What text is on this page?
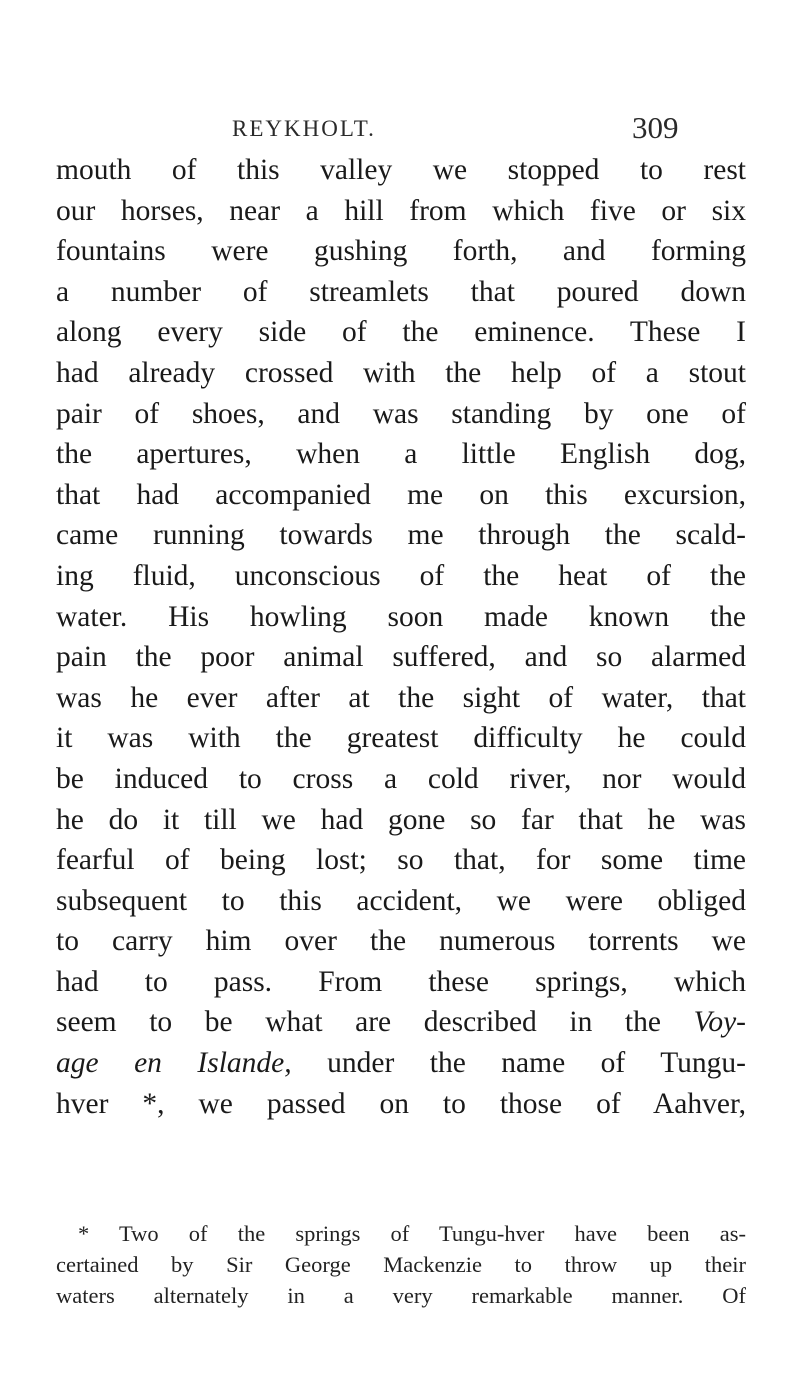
REYKHOLT.	309
mouth of this valley we stopped to rest
our horses, near a hill from which five or six
fountains were gushing forth, and forming
a number of streamlets that poured down
along every side of the eminence. These I
had already crossed with the help of a stout
pair of shoes, and was standing by one of
the apertures, when a little English dog,
that had accompanied me on this excursion,
came running towards me through the scald-
ing fluid, unconscious of the heat of the
water. His howling soon made known the
pain the poor animal suffered, and so alarmed
was he ever after at the sight of water, that
it was with the greatest difficulty he could
be induced to cross a cold river, nor would
he do it till we had gone so far that he was
fearful of being lost; so that, for some time
subsequent to this accident, we were obliged
to carry him over the numerous torrents we
had to pass. From these springs, which
seem to be what are described in the Voy-
age en Islande, under the name of Tungu-
hver *, we passed on to those of Aahver,
* Two of the springs of Tungu-hver have been as-
certained by Sir George Mackenzie to throw up their
waters alternately in a very remarkable manner. Of
